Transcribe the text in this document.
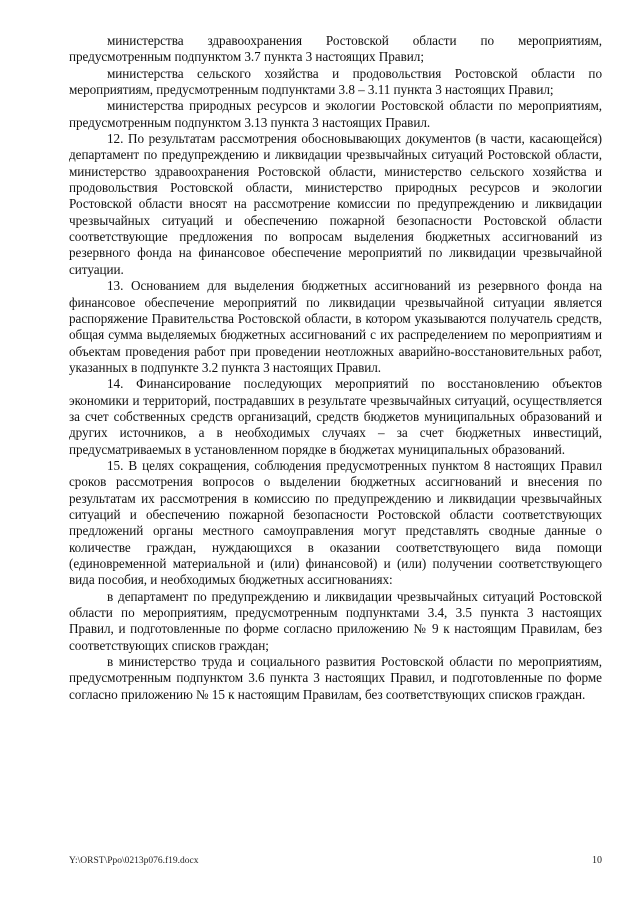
министерства здравоохранения Ростовской области по мероприятиям, предусмотренным подпунктом 3.7 пункта 3 настоящих Правил;

министерства сельского хозяйства и продовольствия Ростовской области по мероприятиям, предусмотренным подпунктами 3.8 – 3.11 пункта 3 настоящих Правил;

министерства природных ресурсов и экологии Ростовской области по мероприятиям, предусмотренным подпунктом 3.13 пункта 3 настоящих Правил.

12. По результатам рассмотрения обосновывающих документов (в части, касающейся) департамент по предупреждению и ликвидации чрезвычайных ситуаций Ростовской области, министерство здравоохранения Ростовской области, министерство сельского хозяйства и продовольствия Ростовской области, министерство природных ресурсов и экологии Ростовской области вносят на рассмотрение комиссии по предупреждению и ликвидации чрезвычайных ситуаций и обеспечению пожарной безопасности Ростовской области соответствующие предложения по вопросам выделения бюджетных ассигнований из резервного фонда на финансовое обеспечение мероприятий по ликвидации чрезвычайной ситуации.

13. Основанием для выделения бюджетных ассигнований из резервного фонда на финансовое обеспечение мероприятий по ликвидации чрезвычайной ситуации является распоряжение Правительства Ростовской области, в котором указываются получатель средств, общая сумма выделяемых бюджетных ассигнований с их распределением по мероприятиям и объектам проведения работ при проведении неотложных аварийно-восстановительных работ, указанных в подпункте 3.2 пункта 3 настоящих Правил.

14. Финансирование последующих мероприятий по восстановлению объектов экономики и территорий, пострадавших в результате чрезвычайных ситуаций, осуществляется за счет собственных средств организаций, средств бюджетов муниципальных образований и других источников, а в необходимых случаях – за счет бюджетных инвестиций, предусматриваемых в установленном порядке в бюджетах муниципальных образований.

15. В целях сокращения, соблюдения предусмотренных пунктом 8 настоящих Правил сроков рассмотрения вопросов о выделении бюджетных ассигнований и внесения по результатам их рассмотрения в комиссию по предупреждению и ликвидации чрезвычайных ситуаций и обеспечению пожарной безопасности Ростовской области соответствующих предложений органы местного самоуправления могут представлять сводные данные о количестве граждан, нуждающихся в оказании соответствующего вида помощи (единовременной материальной и (или) финансовой) и (или) получении соответствующего вида пособия, и необходимых бюджетных ассигнованиях:

в департамент по предупреждению и ликвидации чрезвычайных ситуаций Ростовской области по мероприятиям, предусмотренным подпунктами 3.4, 3.5 пункта 3 настоящих Правил, и подготовленные по форме согласно приложению № 9 к настоящим Правилам, без соответствующих списков граждан;

в министерство труда и социального развития Ростовской области по мероприятиям, предусмотренным подпунктом 3.6 пункта 3 настоящих Правил, и подготовленные по форме согласно приложению № 15 к настоящим Правилам, без соответствующих списков граждан.

Y:\ORST\Ppo\0213p076.f19.docx	10
